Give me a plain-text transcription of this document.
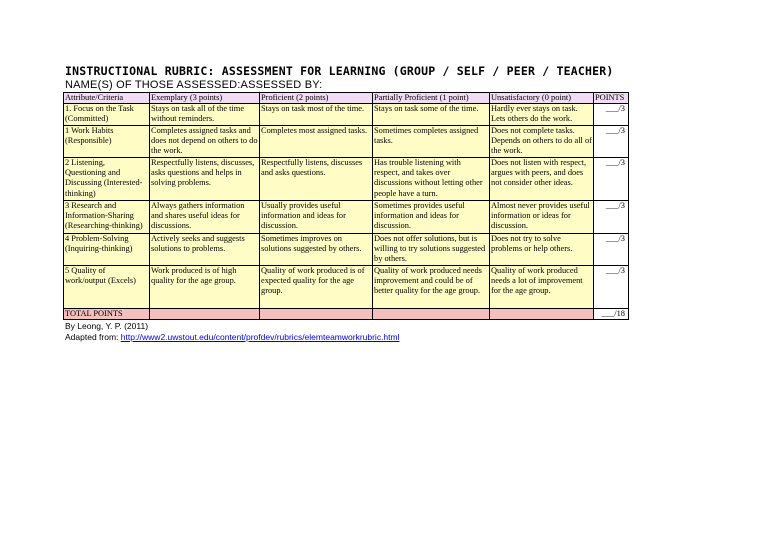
INSTRUCTIONAL RUBRIC: ASSESSMENT FOR LEARNING (GROUP / SELF / PEER / TEACHER)
NAME(S) OF THOSE ASSESSED:ASSESSED BY:
Attribute/Criteria	Exemplary (3 points)	Proficient (2 points)	Partially Proficient (1 point)	Unsatisfactory (0 point)	POINTS
1. Focus on the Task (Committed)	Stays on task all of the time without reminders.	Stays on task most of the time.	Stays on task some of the time.	Hardly ever stays on task. Lets others do the work.	___/3
1 Work Habits (Responsible)	Completes assigned tasks and does not depend on others to do the work.	Completes most assigned tasks.	Sometimes completes assigned tasks.	Does not complete tasks. Depends on others to do all of the work.	___/3
2 Listening, Questioning and Discussing (Interested-thinking)	Respectfully listens, discusses, asks questions and helps in solving problems.	Respectfully listens, discusses and asks questions.	Has trouble listening with respect, and takes over discussions without letting other people have a turn.	Does not listen with respect, argues with peers, and does not consider other ideas.	___/3
3 Research and Information-Sharing (Researching-thinking)	Always gathers information and shares useful ideas for discussions.	Usually provides useful information and ideas for discussion.	Sometimes provides useful information and ideas for discussion.	Almost never provides useful information or ideas for discussion.	___/3
4 Problem-Solving (Inquiring-thinking)	Actively seeks and suggests solutions to problems.	Sometimes improves on solutions suggested by others.	Does not offer solutions, but is willing to try solutions suggested by others.	Does not try to solve problems or help others.	___/3
5 Quality of work/output (Excels)	Work produced is of high quality for the age group.	Quality of work produced is of expected quality for the age group.	Quality of work produced needs improvement and could be of better quality for the age group.	Quality of work produced needs a lot of improvement for the age group.	___/3
TOTAL POINTS					___/18
By Leong, Y. P. (2011)
Adapted from: http://www2.uwstout.edu/content/profdev/rubrics/elemteamworkrubric.html
